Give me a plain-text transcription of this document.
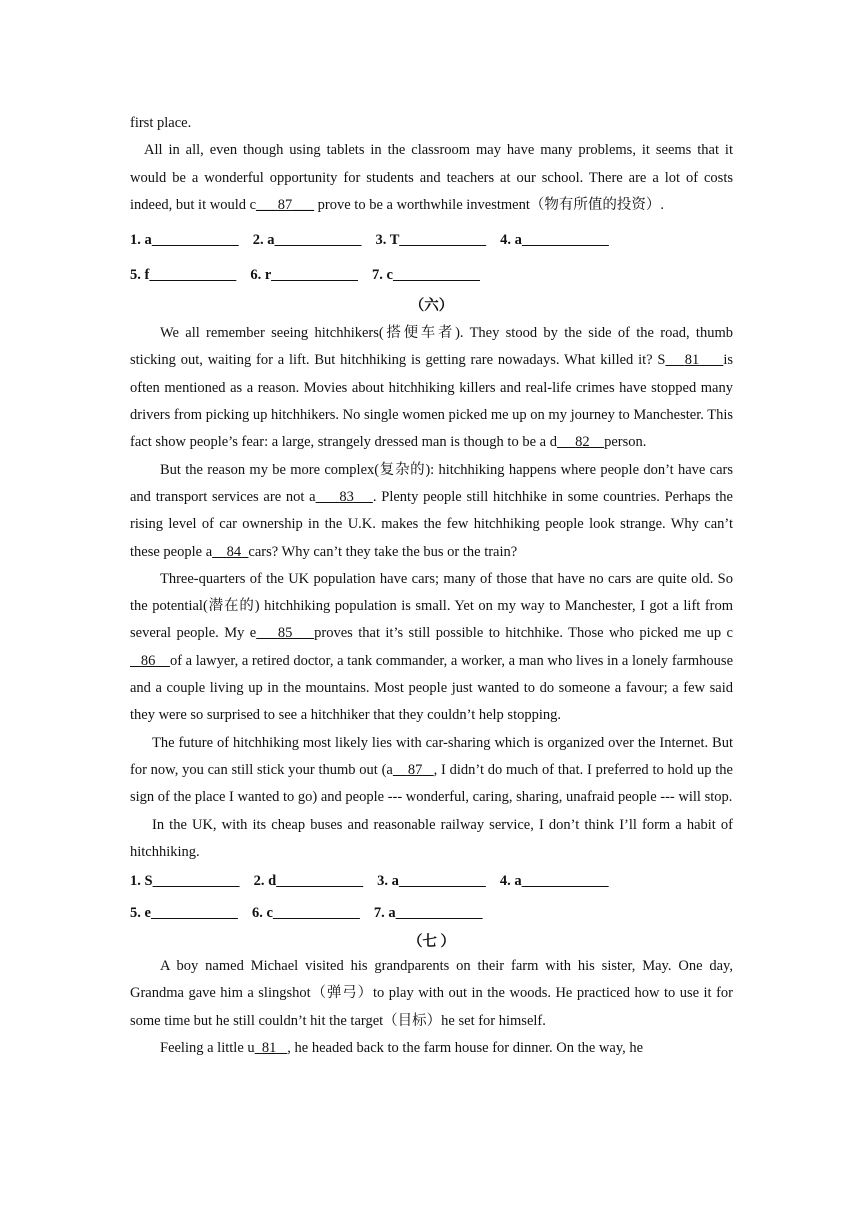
first place.

All in all, even though using tablets in the classroom may have many problems, it seems that it would be a wonderful opportunity for students and teachers at our school. There are a lot of costs indeed, but it would c___87___ prove to be a worthwhile investment（物有所值的投资）.

1. a	2. a	3. T	4. a
5. f	6. r	7. c
（六）

We all remember seeing hitchhikers(搭便车者). They stood by the side of the road, thumb sticking out, waiting for a lift. But hitchhiking is getting rare nowadays. What killed it? S 81 is often mentioned as a reason. Movies about hitchhiking killers and real-life crimes have stopped many drivers from picking up hitchhikers. No single women picked me up on my journey to Manchester. This fact show people’s fear: a large, strangely dressed man is though to be a d 82 person.

But the reason my be more complex(复杂的): hitchhiking happens where people don’t have cars and transport services are not a 83 . Plenty people still hitchhike in some countries. Perhaps the rising level of car ownership in the U.K. makes the few hitchhiking people look strange. Why can’t these people a 84 cars? Why can’t they take the bus or the train?

Three-quarters of the UK population have cars; many of those that have no cars are quite old. So the potential(潜在的) hitchhiking population is small. Yet on my way to Manchester, I got a lift from several people. My e 85 proves that it’s still possible to hitchhike. Those who picked me up c   86 of a lawyer, a retired doctor, a tank commander, a worker, a man who lives in a lonely farmhouse and a couple living up in the mountains. Most people just wanted to do someone a favour; a few said they were so surprised to see a hitchhiker that they couldn’t help stopping.

The future of hitchhiking most likely lies with car-sharing which is organized over the Internet. But for now, you can still stick your thumb out (a 87 , I didn’t do much of that. I preferred to hold up the sign of the place I wanted to go) and people --- wonderful, caring, sharing, unafraid people --- will stop.

In the UK, with its cheap buses and reasonable railway service, I don’t think I’ll form a habit of hitchhiking.

1. S	2. d	3. a	4. a
5. e	6. c	7. a
（七 ）

A boy named Michael visited his grandparents on their farm with his sister, May. One day, Grandma gave him a slingshot（弹弓）to play with out in the woods. He practiced how to use it for some time but he still couldn’t hit the target（目标）he set for himself.

Feeling a little u 81 , he headed back to the farm house for dinner. On the way, he
